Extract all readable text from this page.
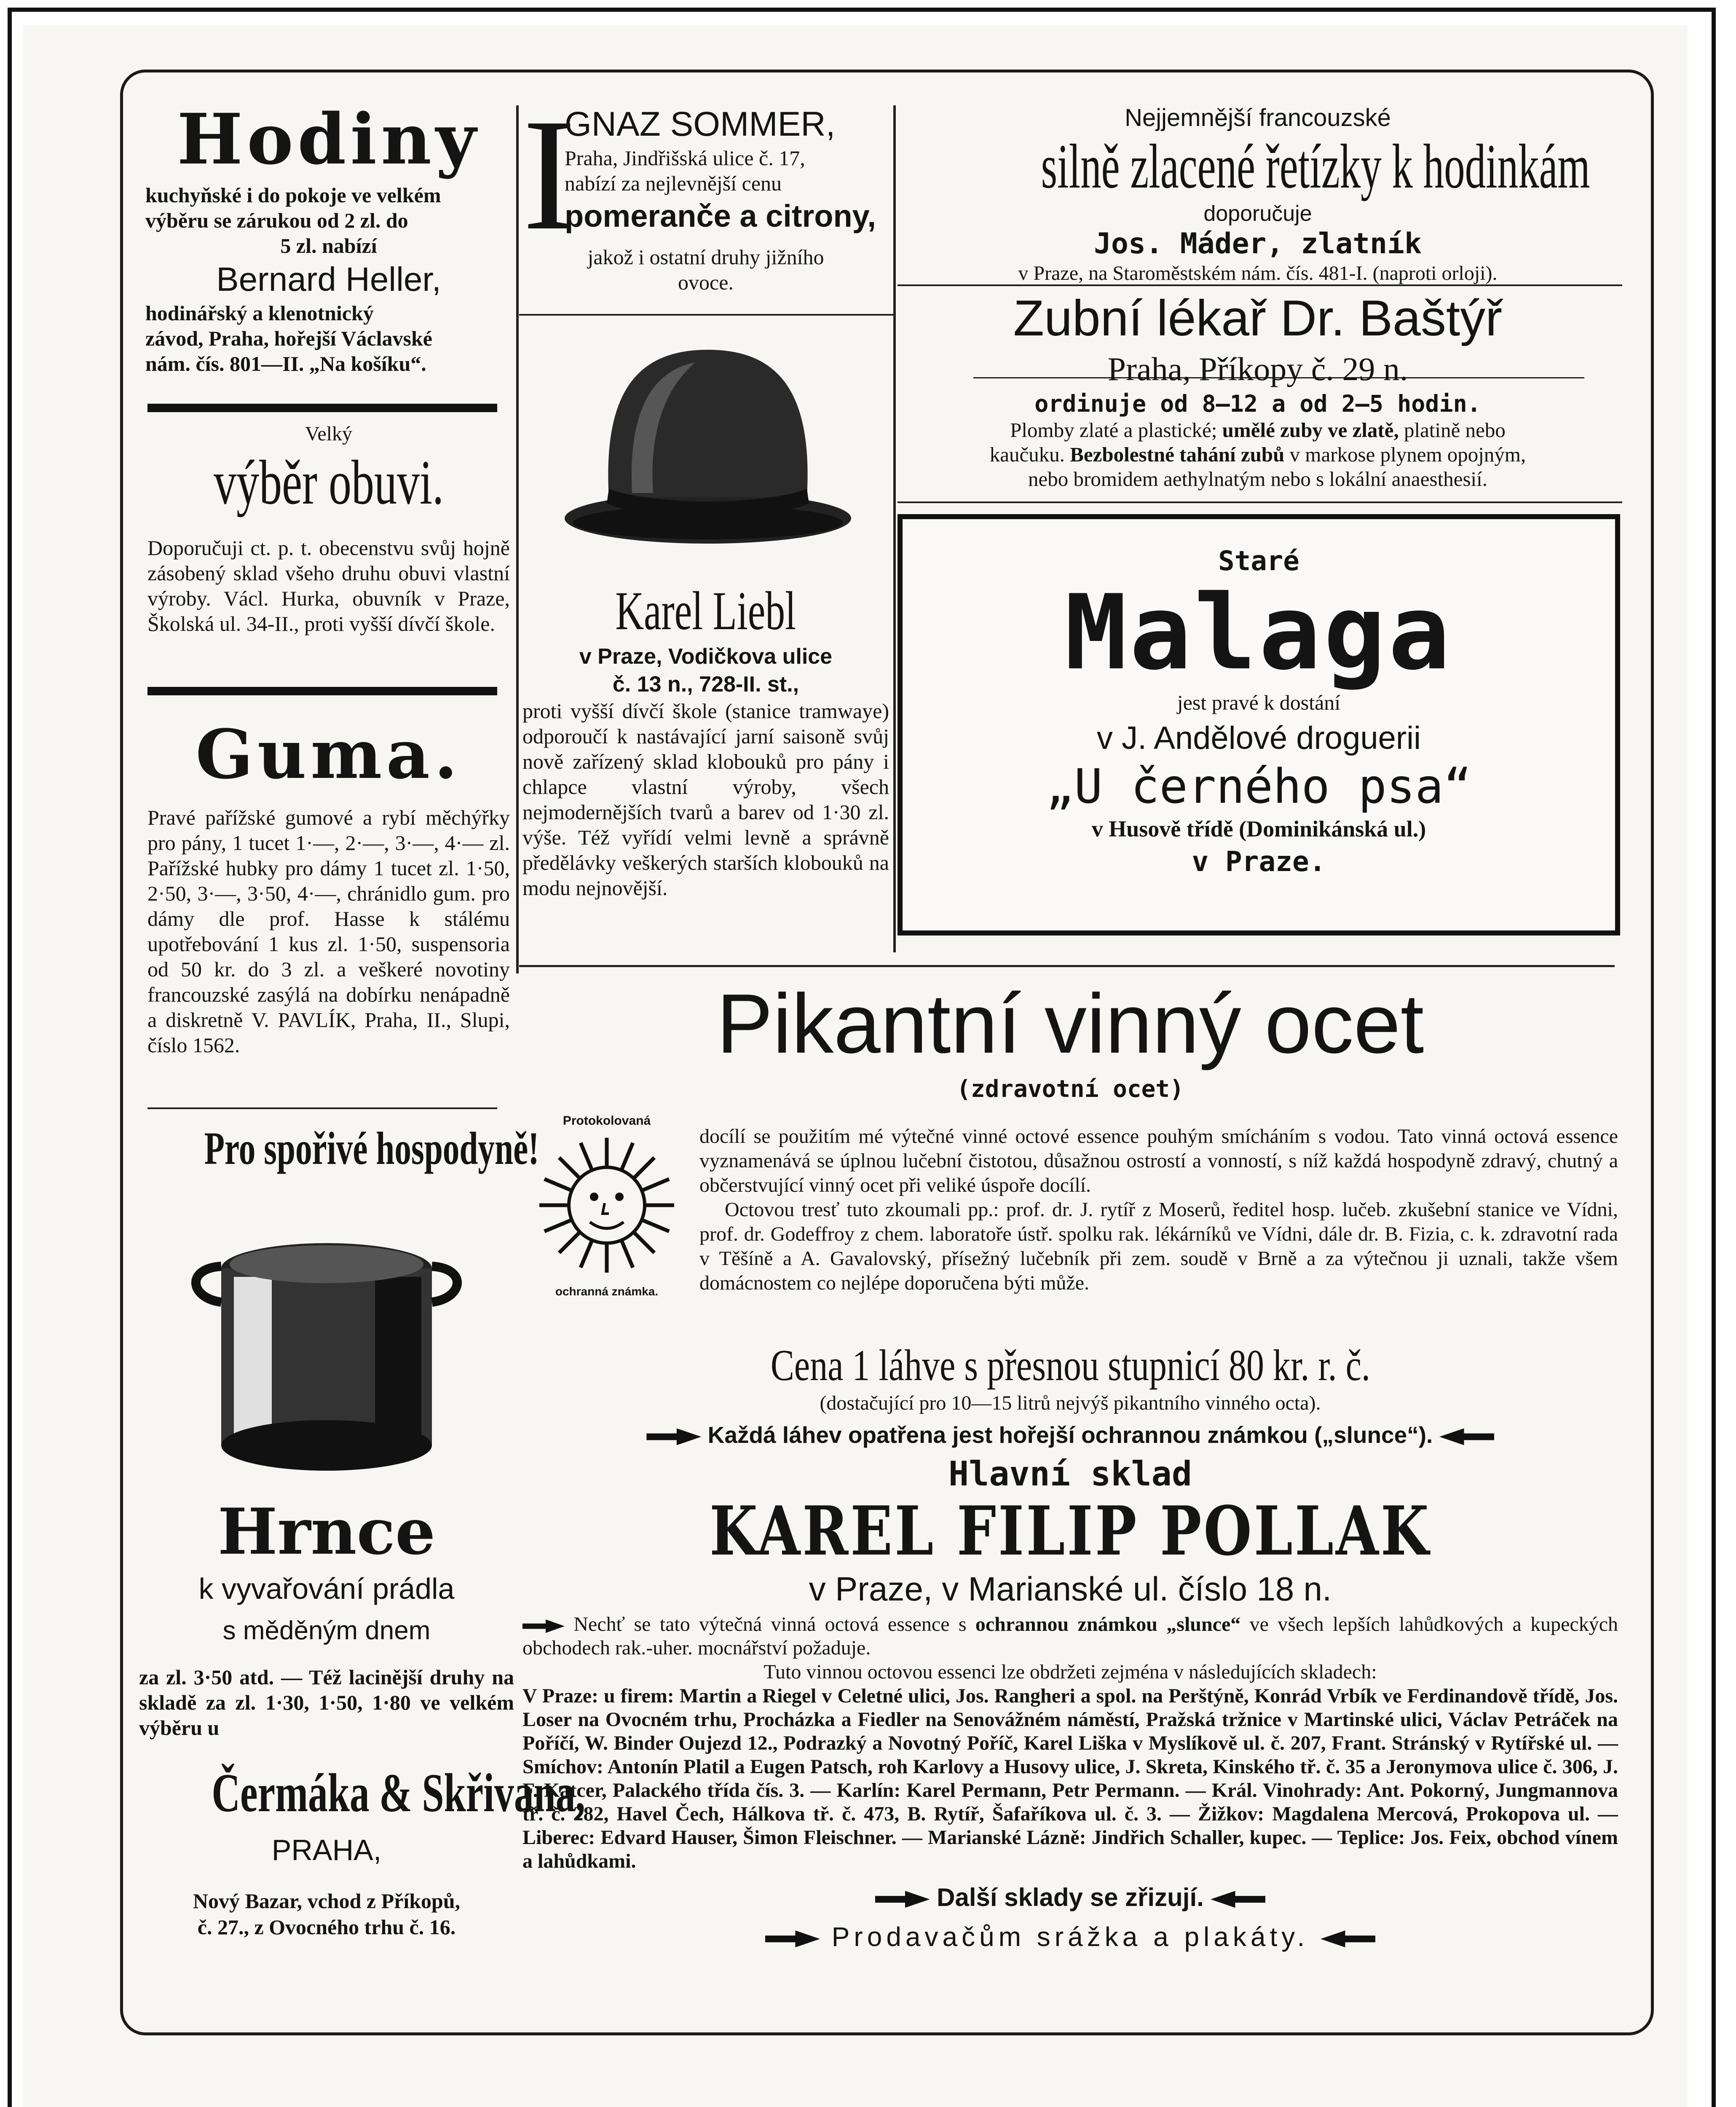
Hodiny
kuchyňské i do pokoje ve velkém
výběru se zárukou od 2 zl. do
5 zl. nabízí
Bernard Heller,
hodinářský a klenotnický
závod, Praha, hořejší Václavské
nám. čís. 801—II. „Na košíku“.
Velký
výběr obuvi.
Doporučuji ct. p. t. obecenstvu svůj hojně zásobený sklad všeho druhu obuvi vlastní výroby. Václ. Hurka, obuvník v Praze, Školská ul. 34-II., proti vyšší dívčí škole.
Guma.
Pravé pařížské gumové a rybí měchýřky pro pány, 1 tucet 1·—, 2·—, 3·—, 4·— zl. Pařížské hubky pro dámy 1 tucet zl. 1·50, 2·50, 3·—, 3·50, 4·—, chránidlo gum. pro dámy dle prof. Hasse k stálému upotřebování 1 kus zl. 1·50, suspensoria od 50 kr. do 3 zl. a veškeré novotiny francouzské zasýlá na dobírku nenápadně a diskretně V. PAVLÍK, Praha, II., Slupi, číslo 1562.
Pro spořivé hospodyně!
Hrnce
k vyvařování prádla
s měděným dnem
za zl. 3·50 atd. — Též lacinější druhy na skladě za zl. 1·30, 1·50, 1·80 ve velkém výběru u
Čermáka & Skřivana,
PRAHA,
Nový Bazar, vchod z Příkopů,
č. 27., z Ovocného trhu č. 16.
I
GNAZ SOMMER,
Praha, Jindřišská ulice č. 17,
nabízí za nejlevnější cenu
pomeranče a citrony,
jakož i ostatní druhy jižního
ovoce.
Karel Liebl
v Praze, Vodičkova ulice
č. 13 n., 728-II. st.,
proti vyšší dívčí škole (stanice tramwaye) odporoučí k nastávající jarní saisoně svůj nově zařízený sklad klobouků pro pány i chlapce vlastní výroby, všech nejmodernějších tvarů a barev od 1·30 zl. výše. Též vyřídí velmi levně a správně předělávky veškerých starších klobouků na modu nejnovější.
Nejjemnější francouzské
silně zlacené řetízky k hodinkám
doporučuje
Jos. Máder, zlatník
v Praze, na Staroměstském nám. čís. 481-I. (naproti orloji).
Zubní lékař Dr. Baštýř
Praha, Příkopy č. 29 n.
ordinuje od 8—12 a od 2—5 hodin.
Plomby zlaté a plastické; umělé zuby ve zlatě, platině nebo
kaučuku. Bezbolestné tahání zubů v markose plynem opojným,
nebo bromidem aethylnatým nebo s lokální anaesthesií.
Staré
Malaga
jest pravé k dostání
v J. Andělové droguerii
„U černého psa“
v Husově třídě (Dominikánská ul.)
v Praze.
Pikantní vinný ocet
(zdravotní ocet)
Protokolovaná
ochranná známka.
docílí se použitím mé výtečné vinné octové essence pouhým smícháním s vodou. Tato vinná octová essence vyznamenává se úplnou lučební čistotou, důsažnou ostrostí a vonností, s níž každá hospodyně zdravý, chutný a občerstvující vinný ocet při veliké úspoře docílí.
Octovou tresť tuto zkoumali pp.: prof. dr. J. rytíř z Moserů, ředitel hosp. lučeb. zkušební stanice ve Vídni, prof. dr. Godeffroy z chem. laboratoře ústř. spolku rak. lékárníků ve Vídni, dále dr. B. Fizia, c. k. zdravotní rada v Těšíně a A. Gavalovský, přísežný lučebník při zem. soudě v Brně a za výtečnou ji uznali, takže všem domácnostem co nejlépe doporučena býti může.
Cena 1 láhve s přesnou stupnicí 80 kr. r. č.
(dostačující pro 10—15 litrů nejvýš pikantního vinného octa).
Každá láhev opatřena jest hořejší ochrannou známkou („slunce“).
Hlavní sklad
KAREL FILIP POLLAK
v Praze, v Marianské ul. číslo 18 n.
Nechť se tato výtečná vinná octová essence s ochrannou známkou „slunce“ ve všech lepších lahůdkových a kupeckých obchodech rak.-uher. mocnářství požaduje.
Tuto vinnou octovou essenci lze obdržeti zejména v následujících skladech:
V Praze: u firem: Martin a Riegel v Celetné ulici, Jos. Rangheri a spol. na Perštýně, Konrád Vrbík ve Ferdinandově třídě, Jos. Loser na Ovocném trhu, Procházka a Fiedler na Senovážném náměstí, Pražská tržnice v Martinské ulici, Václav Petráček na Poříčí, W. Binder Oujezd 12., Podrazký a Novotný Poříč, Karel Liška v Myslíkově ul. č. 207, Frant. Stránský v Rytířské ul. — Smíchov: Antonín Platil a Eugen Patsch, roh Karlovy a Husovy ulice, J. Skreta, Kinského tř. č. 35 a Jeronymova ulice č. 306, J. F. Katcer, Palackého třída čís. 3. — Karlín: Karel Permann, Petr Permann. — Král. Vinohrady: Ant. Pokorný, Jungmannova tř. č. 282, Havel Čech, Hálkova tř. č. 473, B. Rytíř, Šafaříkova ul. č. 3. — Žižkov: Magdalena Mercová, Prokopova ul. — Liberec: Edvard Hauser, Šimon Fleischner. — Marianské Lázně: Jindřich Schaller, kupec. — Teplice: Jos. Feix, obchod vínem a lahůdkami.
Další sklady se zřizují.
Prodavačům srážka a plakáty.
